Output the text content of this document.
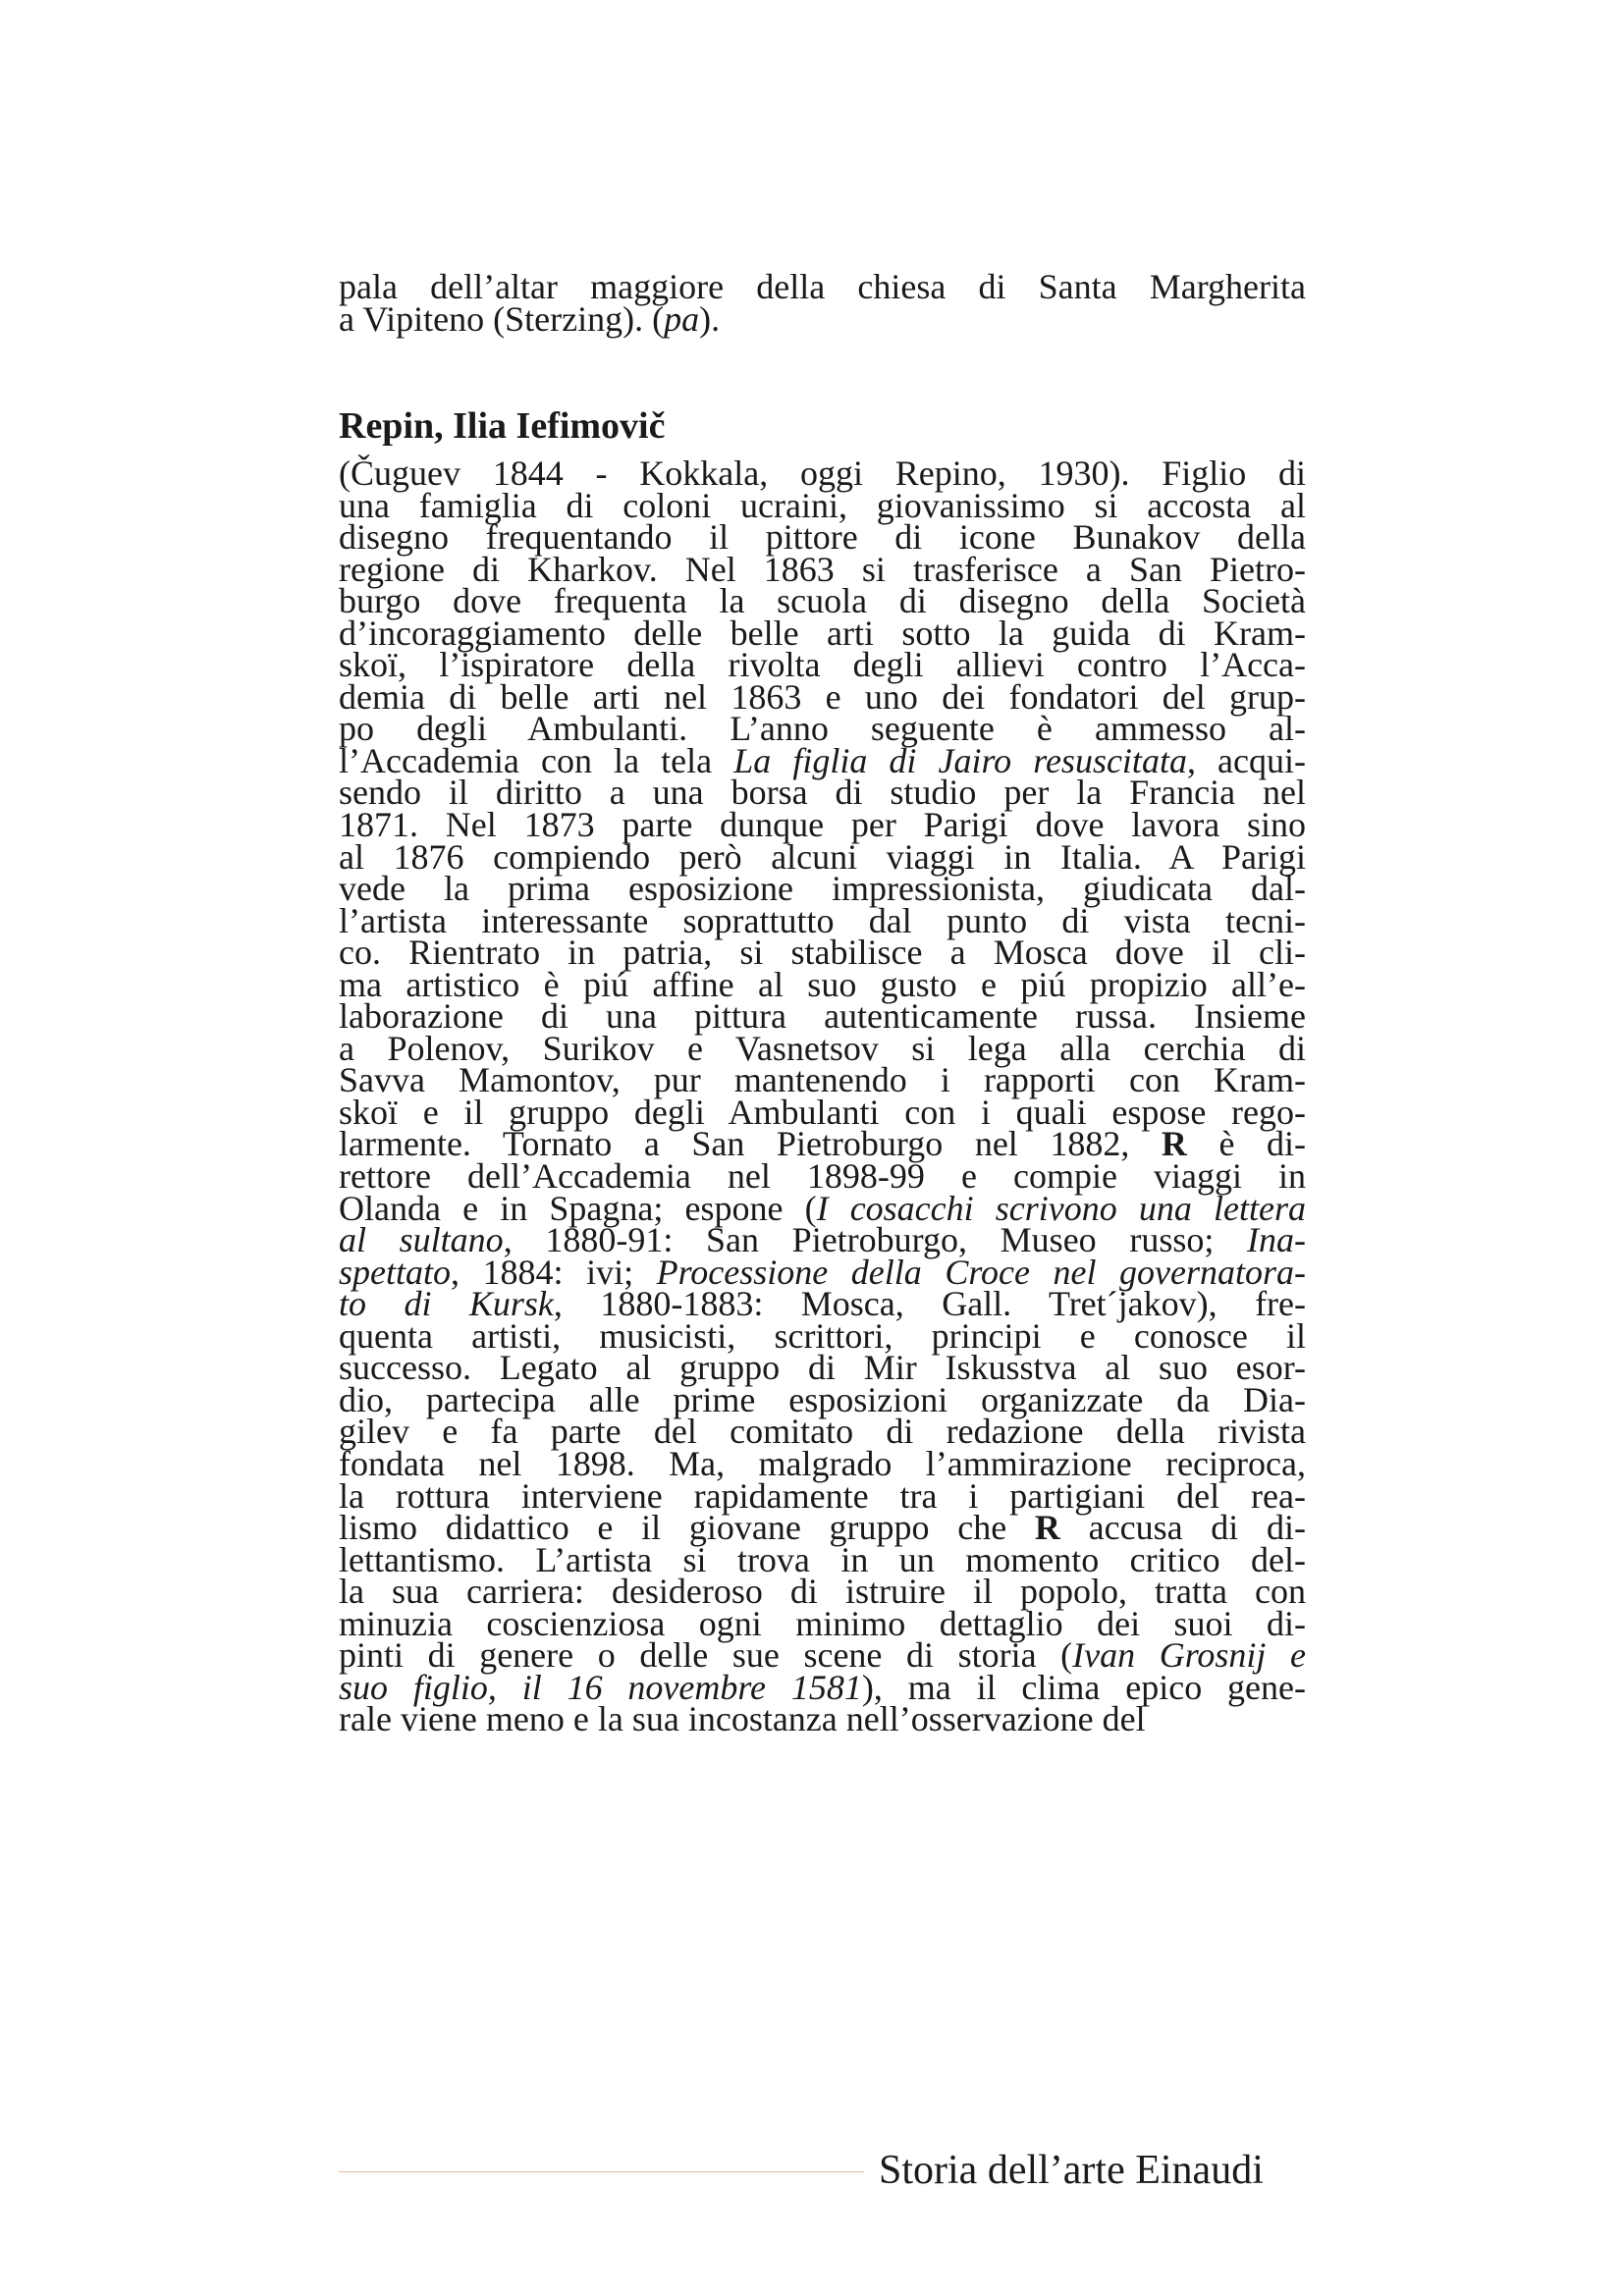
pala dell’altar maggiore della chiesa di Santa Margherita
a Vipiteno (Sterzing). (pa).

Repin, Ilia Iefimovič
(Čuguev 1844 - Kokkala, oggi Repino, 1930). Figlio di
una famiglia di coloni ucraini, giovanissimo si accosta al
disegno frequentando il pittore di icone Bunakov della
regione di Kharkov. Nel 1863 si trasferisce a San Pietro-
burgo dove frequenta la scuola di disegno della Società
d’incoraggiamento delle belle arti sotto la guida di Kram-
skoï, l’ispiratore della rivolta degli allievi contro l’Acca-
demia di belle arti nel 1863 e uno dei fondatori del grup-
po degli Ambulanti. L’anno seguente è ammesso al-
l’Accademia con la tela La figlia di Jairo resuscitata, acqui-
sendo il diritto a una borsa di studio per la Francia nel
1871. Nel 1873 parte dunque per Parigi dove lavora sino
al 1876 compiendo però alcuni viaggi in Italia. A Parigi
vede la prima esposizione impressionista, giudicata dal-
l’artista interessante soprattutto dal punto di vista tecni-
co. Rientrato in patria, si stabilisce a Mosca dove il cli-
ma artistico è piú affine al suo gusto e piú propizio all’e-
laborazione di una pittura autenticamente russa. Insieme
a Polenov, Surikov e Vasnetsov si lega alla cerchia di
Savva Mamontov, pur mantenendo i rapporti con Kram-
skoï e il gruppo degli Ambulanti con i quali espose rego-
larmente. Tornato a San Pietroburgo nel 1882, R è di-
rettore dell’Accademia nel 1898-99 e compie viaggi in
Olanda e in Spagna; espone (I cosacchi scrivono una lettera
al sultano, 1880-91: San Pietroburgo, Museo russo; Ina-
spettato, 1884: ivi; Processione della Croce nel governatora-
to di Kursk, 1880-1883: Mosca, Gall. Tret´jakov), fre-
quenta artisti, musicisti, scrittori, principi e conosce il
successo. Legato al gruppo di Mir Iskusstva al suo esor-
dio, partecipa alle prime esposizioni organizzate da Dia-
gilev e fa parte del comitato di redazione della rivista
fondata nel 1898. Ma, malgrado l’ammirazione reciproca,
la rottura interviene rapidamente tra i partigiani del rea-
lismo didattico e il giovane gruppo che R accusa di di-
lettantismo. L’artista si trova in un momento critico del-
la sua carriera: desideroso di istruire il popolo, tratta con
minuzia coscienziosa ogni minimo dettaglio dei suoi di-
pinti di genere o delle sue scene di storia (Ivan Grosnij e
suo figlio, il 16 novembre 1581), ma il clima epico gene-
rale viene meno e la sua incostanza nell’osservazione del
Storia dell’arte Einaudi
